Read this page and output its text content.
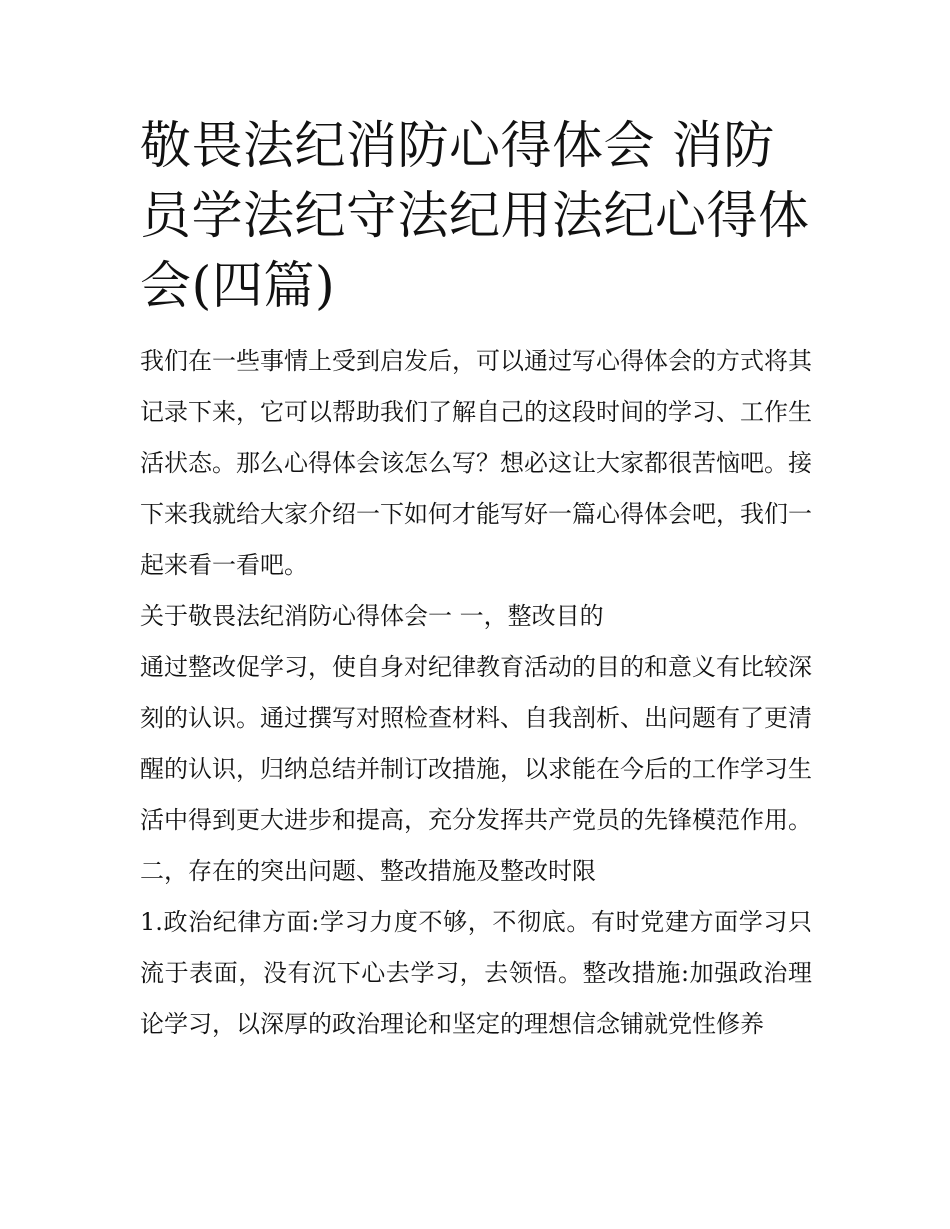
敬畏法纪消防心得体会 消防员学法纪守法纪用法纪心得体会(四篇)

我们在一些事情上受到启发后，可以通过写心得体会的方式将其记录下来，它可以帮助我们了解自己的这段时间的学习、工作生活状态。那么心得体会该怎么写？想必这让大家都很苦恼吧。接下来我就给大家介绍一下如何才能写好一篇心得体会吧，我们一起来看一看吧。

关于敬畏法纪消防心得体会一 一，整改目的

通过整改促学习，使自身对纪律教育活动的目的和意义有比较深刻的认识。通过撰写对照检查材料、自我剖析、出问题有了更清醒的认识，归纳总结并制订改措施，以求能在今后的工作学习生活中得到更大进步和提高，充分发挥共产党员的先锋模范作用。

二，存在的突出问题、整改措施及整改时限

1.政治纪律方面:学习力度不够，不彻底。有时党建方面学习只流于表面，没有沉下心去学习，去领悟。整改措施:加强政治理论学习，以深厚的政治理论和坚定的理想信念铺就党性修养
